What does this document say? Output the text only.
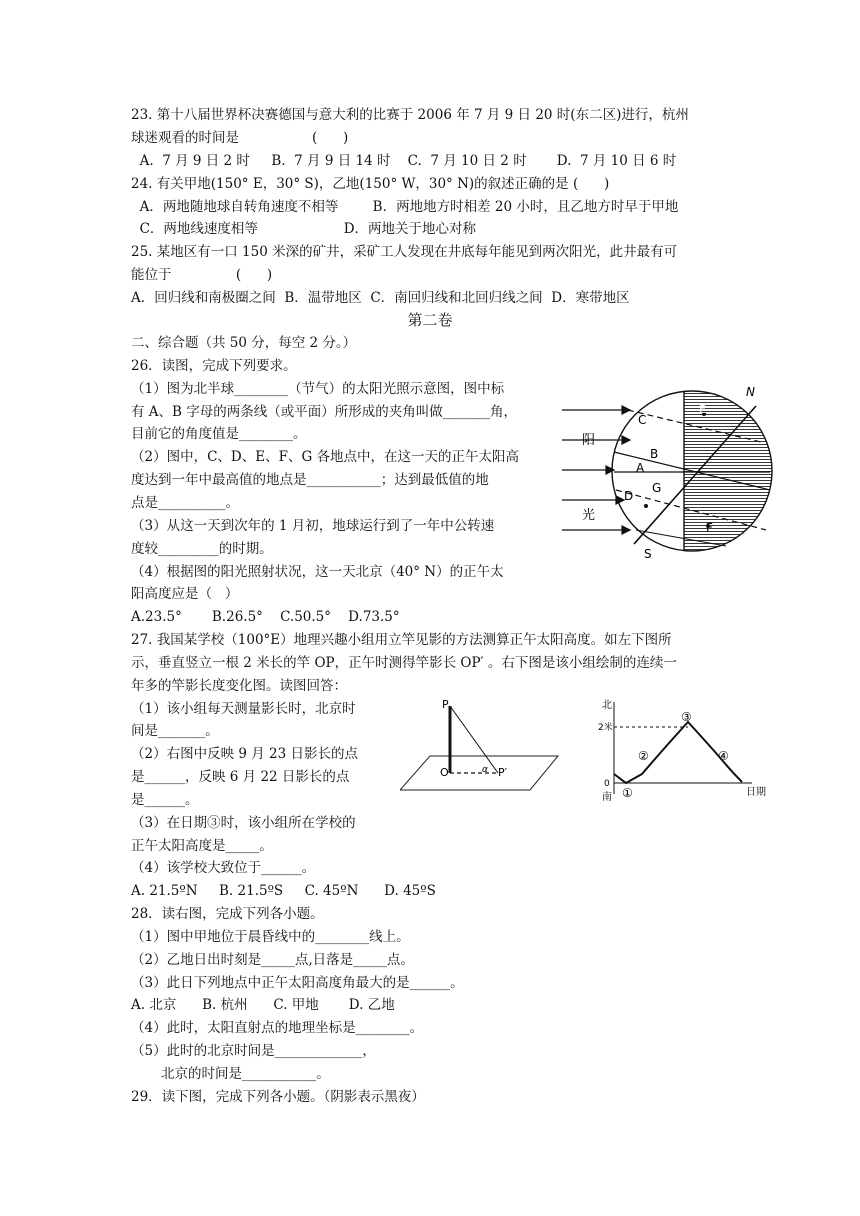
23. 第十八届世界杯决赛德国与意大利的比赛于 2006 年 7 月 9 日 20 时(东二区)进行，杭州
球迷观看的时间是                 (      )
A.  7 月 9 日 2 时     B.  7 月 9 日 14 时    C.  7 月 10 日 2 时       D.  7 月 10 日 6 时
24. 有关甲地(150° E，30° S)，乙地(150° W，30° N)的叙述正确的是 (      )
A．两地随地球自转角速度不相等        B．两地地方时相差 20 小时，且乙地方时早于甲地
C．两地线速度相等                    D．两地关于地心对称
25. 某地区有一口 150 米深的矿井，采矿工人发现在井底每年能见到两次阳光，此井最有可
能位于               (      )
A．回归线和南极圈之间  B．温带地区  C．南回归线和北回归线之间  D．寒带地区
第二卷
二、综合题（共 50 分，每空 2 分。）
26．读图，完成下列要求。
（1）图为北半球________（节气）的太阳光照示意图，图中标
有 A、B 字母的两条线（或平面）所形成的夹角叫做_______角，
目前它的角度值是________。
（2）图中，C、D、E、F、G 各地点中，在这一天的正午太阳高
度达到一年中最高值的地点是___________；达到最低值的地
点是__________。
（3）从这一天到次年的 1 月初，地球运行到了一年中公转速
度较_________的时期。
（4）根据图的阳光照射状况，这一天北京（40° N）的正午太
阳高度应是（   ）
A.23.5°       B.26.5°    C.50.5°    D.73.5°
阳
光
N
C
B
A
G
D
E
F
S
27. 我国某学校（100°E）地理兴趣小组用立竿见影的方法测算正午太阳高度。如左下图所
示，垂直竖立一根 2 米长的竿 OP，正午时测得竿影长 OP′ 。右下图是该小组绘制的连续一
年多的竿影长度变化图。读图回答：
（1）该小组每天测量影长时，北京时
间是_______。
（2）右图中反映 9 月 23 日影长的点
是______，反映 6 月 22 日影长的点
是______。
（3）在日期③时，该小组所在学校的
正午太阳高度是_____。
（4）该学校大致位于______。
A. 21.5ºN     B. 21.5ºS     C. 45ºN      D. 45ºS
P
O	P′
α
北
2米
0
南	日期
①
②
③
④
28．读右图，完成下列各小题。
（1）图中甲地位于晨昏线中的________线上。
（2）乙地日出时刻是_____点,日落是_____点。
（3）此日下列地点中正午太阳高度角最大的是______。
A. 北京      B. 杭州      C. 甲地       D. 乙地
（4）此时，太阳直射点的地理坐标是________。
（5）此时的北京时间是_____________，
北京的时间是___________。
29．读下图，完成下列各小题。（阴影表示黑夜）
